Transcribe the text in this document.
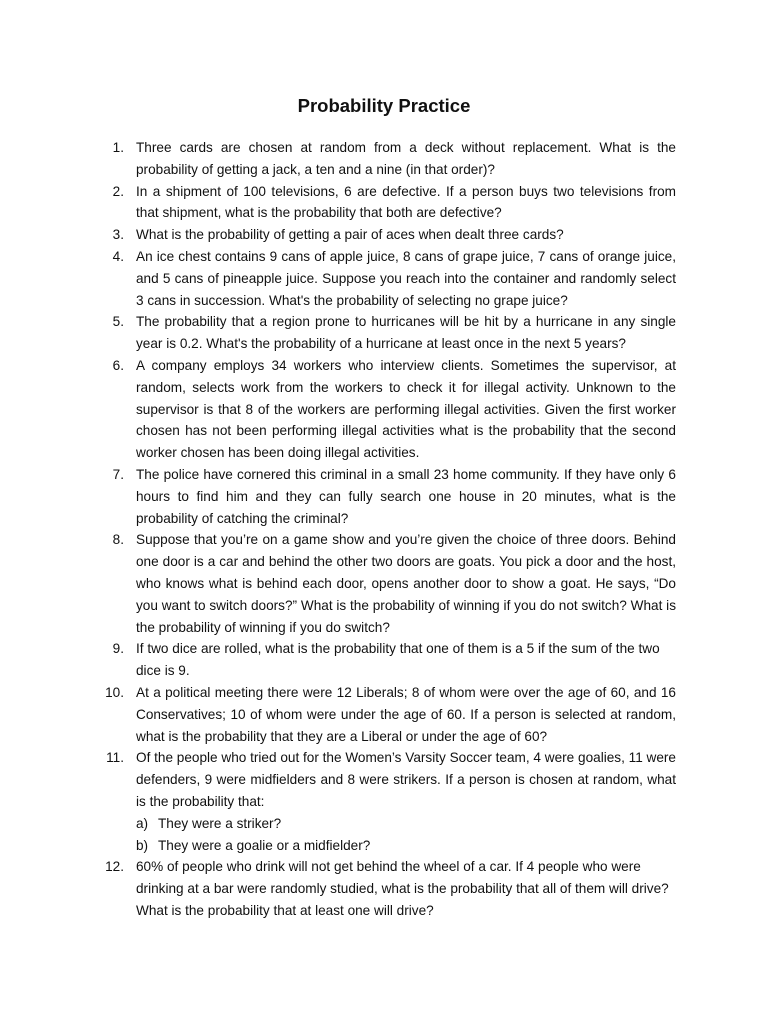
Probability Practice
1. Three cards are chosen at random from a deck without replacement. What is the probability of getting a jack, a ten and a nine (in that order)?
2. In a shipment of 100 televisions, 6 are defective. If a person buys two televisions from that shipment, what is the probability that both are defective?
3. What is the probability of getting a pair of aces when dealt three cards?
4. An ice chest contains 9 cans of apple juice, 8 cans of grape juice, 7 cans of orange juice, and 5 cans of pineapple juice. Suppose you reach into the container and randomly select 3 cans in succession. What's the probability of selecting no grape juice?
5. The probability that a region prone to hurricanes will be hit by a hurricane in any single year is 0.2. What's the probability of a hurricane at least once in the next 5 years?
6. A company employs 34 workers who interview clients. Sometimes the supervisor, at random, selects work from the workers to check it for illegal activity. Unknown to the supervisor is that 8 of the workers are performing illegal activities. Given the first worker chosen has not been performing illegal activities what is the probability that the second worker chosen has been doing illegal activities.
7. The police have cornered this criminal in a small 23 home community. If they have only 6 hours to find him and they can fully search one house in 20 minutes, what is the probability of catching the criminal?
8. Suppose that you’re on a game show and you’re given the choice of three doors. Behind one door is a car and behind the other two doors are goats. You pick a door and the host, who knows what is behind each door, opens another door to show a goat. He says, “Do you want to switch doors?” What is the probability of winning if you do not switch? What is the probability of winning if you do switch?
9. If two dice are rolled, what is the probability that one of them is a 5 if the sum of the two dice is 9.
10. At a political meeting there were 12 Liberals; 8 of whom were over the age of 60, and 16 Conservatives; 10 of whom were under the age of 60. If a person is selected at random, what is the probability that they are a Liberal or under the age of 60?
11. Of the people who tried out for the Women’s Varsity Soccer team, 4 were goalies, 11 were defenders, 9 were midfielders and 8 were strikers. If a person is chosen at random, what is the probability that:
a) They were a striker?
b) They were a goalie or a midfielder?
12. 60% of people who drink will not get behind the wheel of a car. If 4 people who were drinking at a bar were randomly studied, what is the probability that all of them will drive? What is the probability that at least one will drive?
